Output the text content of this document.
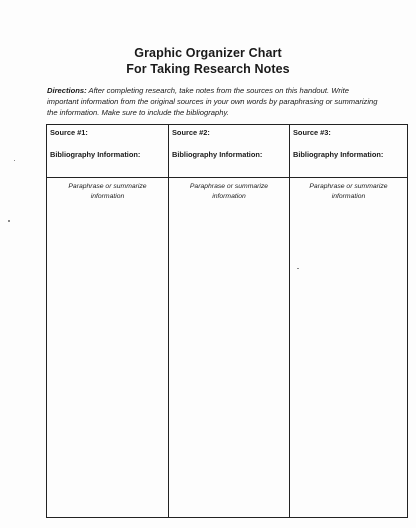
Graphic Organizer Chart
For Taking Research Notes
Directions: After completing research, take notes from the sources on this handout. Write important information from the original sources in your own words by paraphrasing or summarizing the information. Make sure to include the bibliography.
Source #1:
Bibliography Information:
Paraphrase or summarize
information
Source #2:
Bibliography Information:
Paraphrase or summarize
information
Source #3:
Bibliography Information:
Paraphrase or summarize
information
